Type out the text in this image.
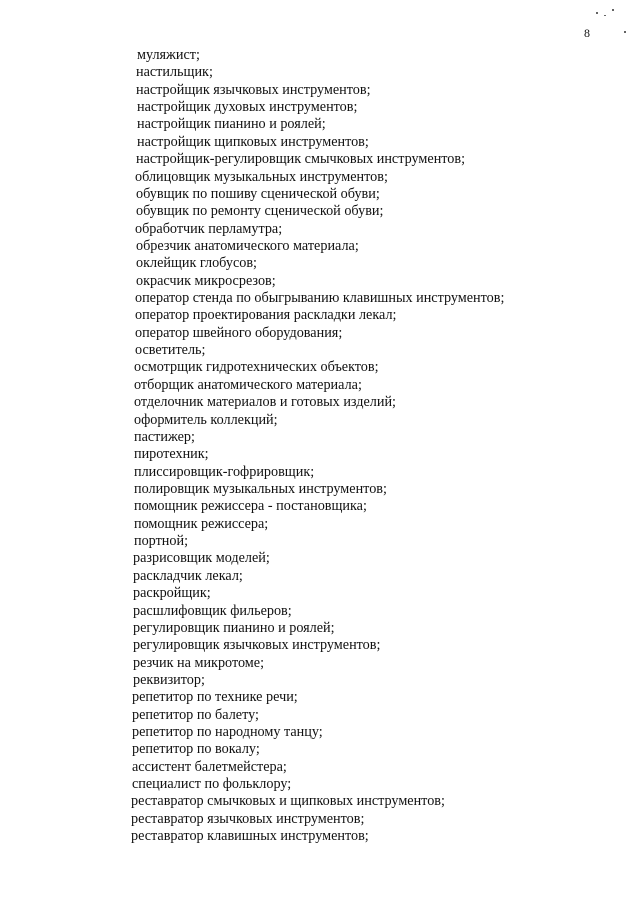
8
муляжист;
настильщик;
настройщик язычковых инструментов;
настройщик духовых инструментов;
настройщик пианино и роялей;
настройщик щипковых инструментов;
настройщик-регулировщик смычковых инструментов;
облицовщик музыкальных инструментов;
обувщик по пошиву сценической обуви;
обувщик по ремонту сценической обуви;
обработчик перламутра;
обрезчик анатомического материала;
оклейщик глобусов;
окрасчик микросрезов;
оператор стенда по обыгрыванию клавишных инструментов;
оператор проектирования раскладки лекал;
оператор швейного оборудования;
осветитель;
осмотрщик гидротехнических объектов;
отборщик анатомического материала;
отделочник материалов и готовых изделий;
оформитель коллекций;
пастижер;
пиротехник;
плиссировщик-гофрировщик;
полировщик музыкальных инструментов;
помощник режиссера - постановщика;
помощник режиссера;
портной;
разрисовщик моделей;
раскладчик лекал;
раскройщик;
расшлифовщик фильеров;
регулировщик пианино и роялей;
регулировщик язычковых инструментов;
резчик на микротоме;
реквизитор;
репетитор по технике речи;
репетитор по балету;
репетитор по народному танцу;
репетитор по вокалу;
ассистент балетмейстера;
специалист по фольклору;
реставратор смычковых и щипковых инструментов;
реставратор язычковых инструментов;
реставратор клавишных инструментов;
